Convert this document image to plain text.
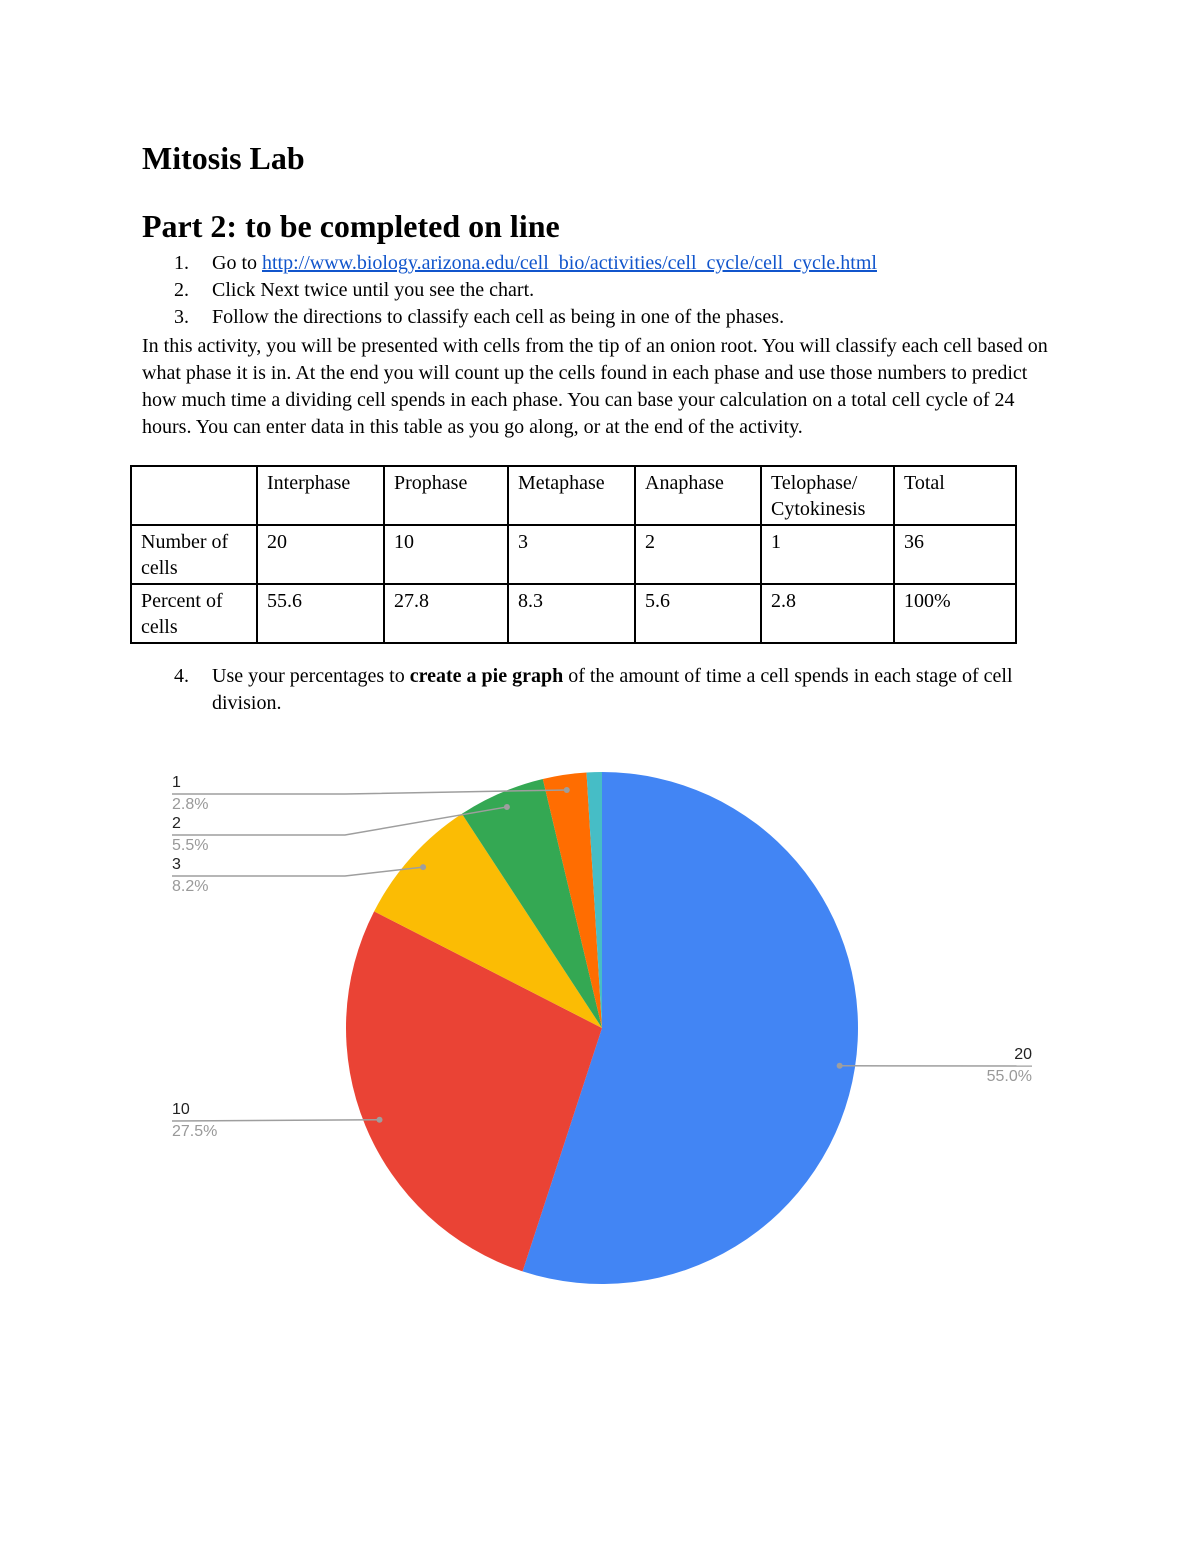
Mitosis Lab
Part 2: to be completed on line
1. Go to http://www.biology.arizona.edu/cell_bio/activities/cell_cycle/cell_cycle.html
2. Click Next twice until you see the chart.
3. Follow the directions to classify each cell as being in one of the phases.

In this activity, you will be presented with cells from the tip of an onion root. You will classify each cell based on what phase it is in. At the end you will count up the cells found in each phase and use those numbers to predict how much time a dividing cell spends in each phase. You can base your calculation on a total cell cycle of 24 hours. You can enter data in this table as you go along, or at the end of the activity.

	Interphase	Prophase	Metaphase	Anaphase	Telophase/ Cytokinesis	Total
Number of cells	20	10	3	2	1	36
Percent of cells	55.6	27.8	8.3	5.6	2.8	100%
4. Use your percentages to create a pie graph of the amount of time a cell spends in each stage of cell division.
20
55.0%
10
27.5%
3
8.2%
2
5.5%
1
2.8%
